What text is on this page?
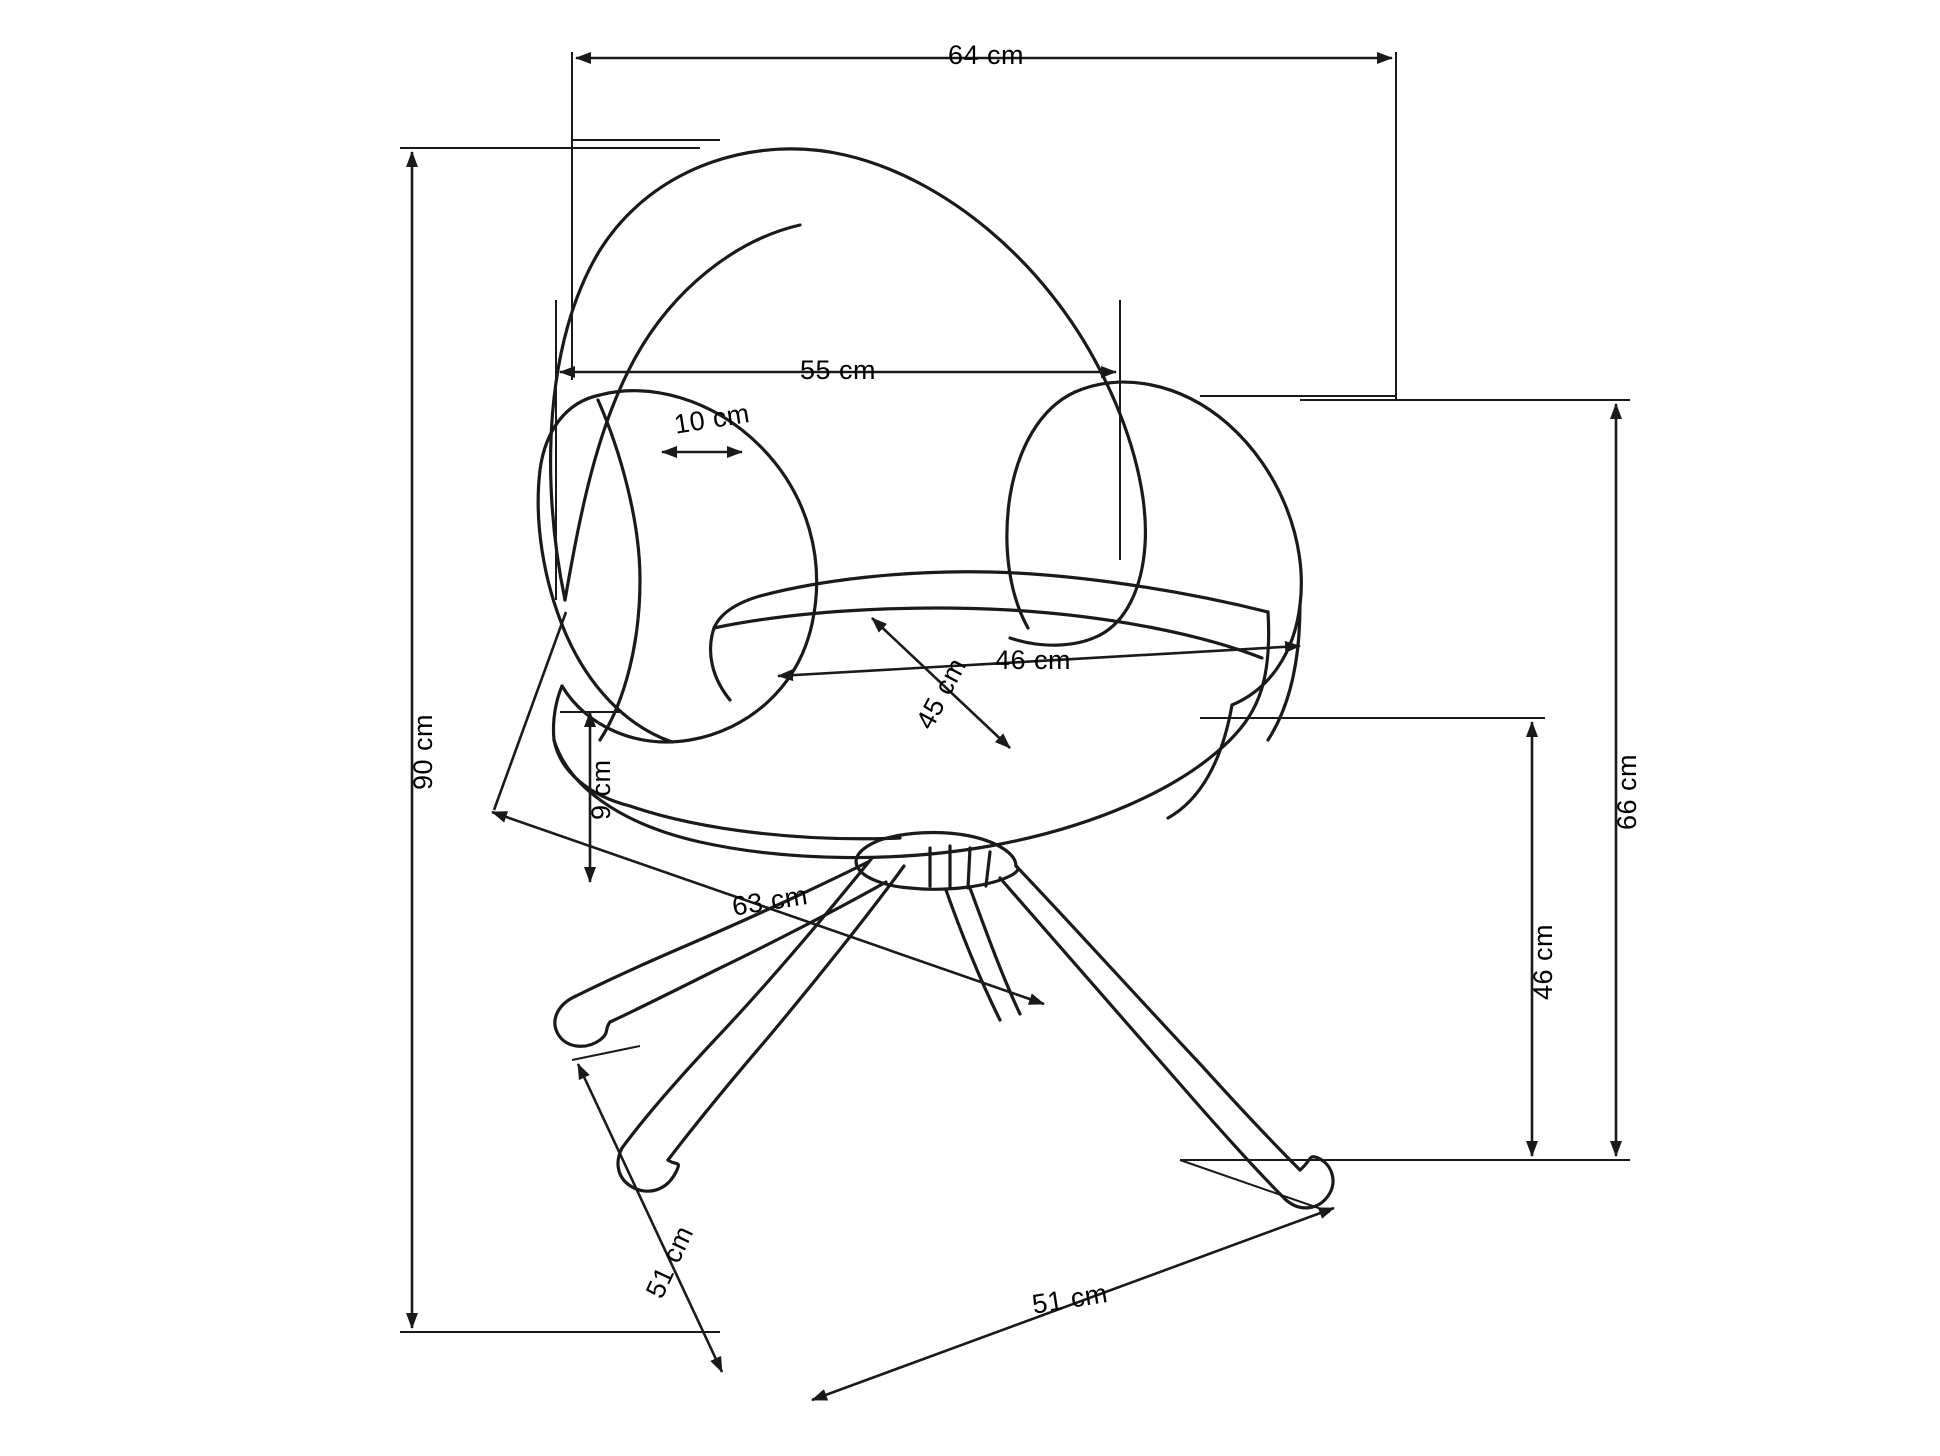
64 cm
55 cm
10 cm
46 cm
45 cm
90 cm
66 cm
46 cm
9 cm
63 cm
51 cm	51 cm
